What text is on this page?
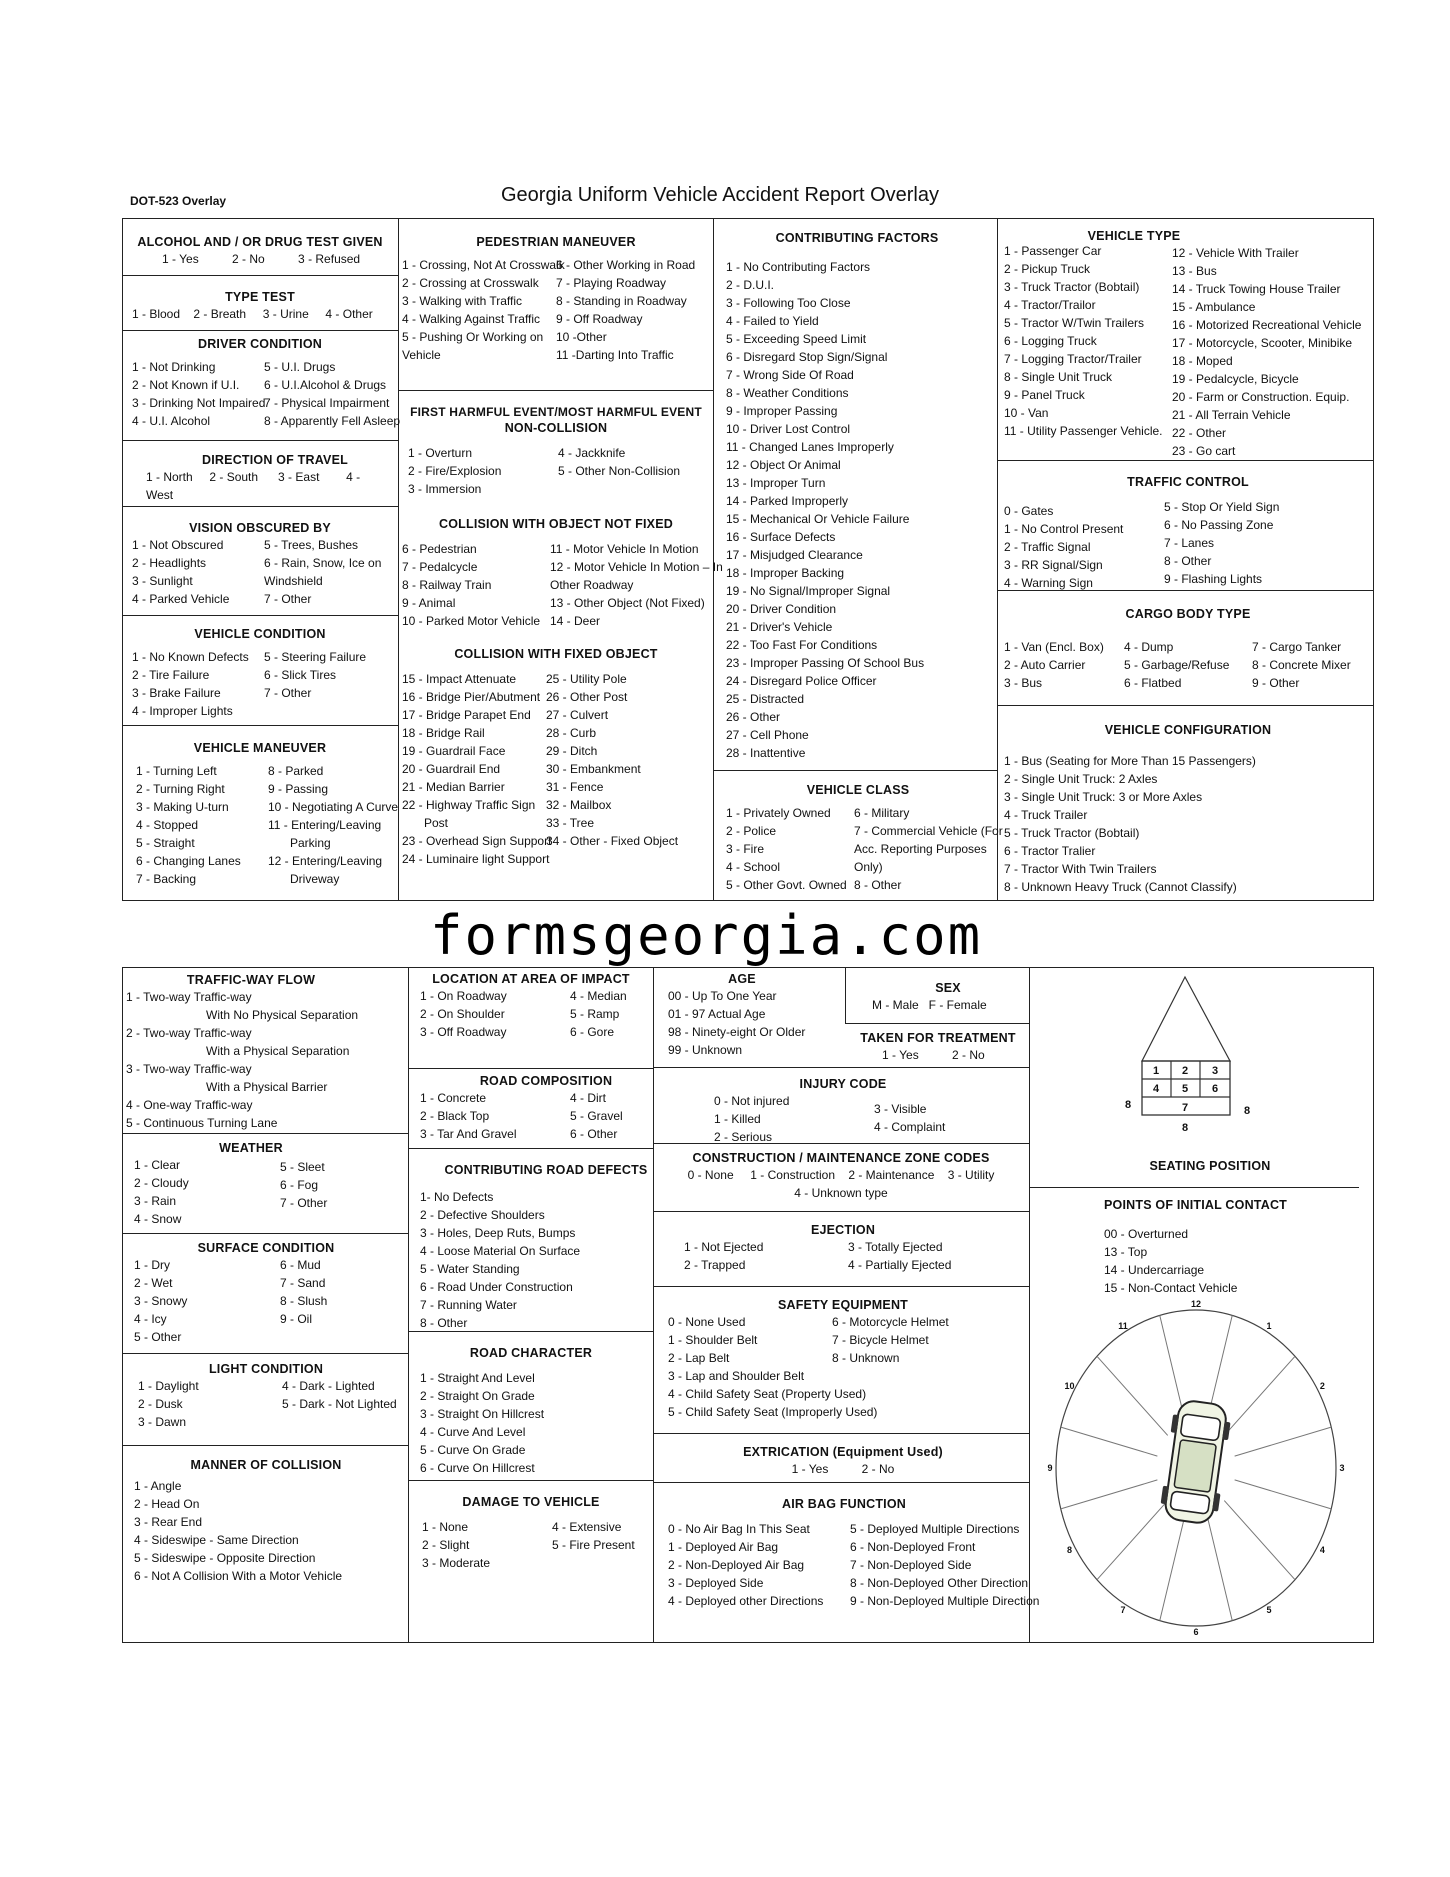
DOT-523 Overlay	Georgia Uniform Vehicle Accident Report Overlay
ALCOHOL AND / OR DRUG TEST GIVEN
1 - Yes          2 - No          3 - Refused
TYPE TEST
1 - Blood    2 - Breath     3 - Urine     4 - Other
DRIVER CONDITION
1 - Not Drinking
2 - Not Known if U.I.
3 - Drinking Not Impaired
4 - U.I. Alcohol
5 - U.I. Drugs
6 - U.I.Alcohol & Drugs
7 - Physical Impairment
8 - Apparently Fell Asleep
DIRECTION OF TRAVEL
1 - North     2 - South      3 - East        4 -
West
VISION OBSCURED BY
1 - Not Obscured
2 - Headlights
3 - Sunlight
4 - Parked Vehicle
5 - Trees, Bushes
6 - Rain, Snow, Ice on
Windshield
7 - Other
VEHICLE CONDITION
1 - No Known Defects
2 - Tire Failure
3 - Brake Failure
4 - Improper Lights
5 - Steering Failure
6 - Slick Tires
7 - Other
VEHICLE MANEUVER
1 - Turning Left
2 - Turning Right
3 - Making U-turn
4 - Stopped
5 - Straight
6 - Changing Lanes
7 - Backing
8 - Parked
9 - Passing
10 - Negotiating A Curve
11 - Entering/Leaving
Parking
12 - Entering/Leaving
Driveway
PEDESTRIAN MANEUVER
1 - Crossing, Not At Crosswalk
2 - Crossing at Crosswalk
3 - Walking with Traffic
4 - Walking Against Traffic
5 - Pushing Or Working on
Vehicle
6 - Other Working in Road
7 - Playing Roadway
8 - Standing in Roadway
9 - Off Roadway
10 -Other
11 -Darting Into Traffic
FIRST HARMFUL EVENT/MOST HARMFUL EVENT
NON-COLLISION
1 - Overturn
2 - Fire/Explosion
3 - Immersion
4 - Jackknife
5 - Other Non-Collision
COLLISION WITH OBJECT NOT FIXED
6 - Pedestrian
7 - Pedalcycle
8 - Railway Train
9 - Animal
10 - Parked Motor Vehicle
11 - Motor Vehicle In Motion
12 - Motor Vehicle In Motion – In
Other Roadway
13 - Other Object (Not Fixed)
14 - Deer
COLLISION WITH FIXED OBJECT
15 - Impact Attenuate
16 - Bridge Pier/Abutment
17 - Bridge Parapet End
18 - Bridge Rail
19 - Guardrail Face
20 - Guardrail End
21 - Median Barrier
22 - Highway Traffic Sign
Post
23 - Overhead Sign Support
24 - Luminaire light Support
25 - Utility Pole
26 - Other Post
27 - Culvert
28 - Curb
29 - Ditch
30 - Embankment
31 - Fence
32 - Mailbox
33 - Tree
34 - Other - Fixed Object
CONTRIBUTING FACTORS
1 - No Contributing Factors
2 - D.U.I.
3 - Following Too Close
4 - Failed to Yield
5 - Exceeding Speed Limit
6 - Disregard Stop Sign/Signal
7 - Wrong Side Of Road
8 - Weather Conditions
9 - Improper Passing
10 - Driver Lost Control
11 - Changed Lanes Improperly
12 - Object Or Animal
13 - Improper Turn
14 - Parked Improperly
15 - Mechanical Or Vehicle Failure
16 - Surface Defects
17 - Misjudged Clearance
18 - Improper Backing
19 - No Signal/Improper Signal
20 - Driver Condition
21 - Driver's Vehicle
22 - Too Fast For Conditions
23 - Improper Passing Of School Bus
24 - Disregard Police Officer
25 - Distracted
26 - Other
27 - Cell Phone
28 - Inattentive
VEHICLE CLASS
1 - Privately Owned
2 - Police
3 - Fire
4 - School
5 - Other Govt. Owned
6 - Military
7 - Commercial Vehicle (For
Acc. Reporting Purposes
Only)
8 - Other
VEHICLE TYPE
1 - Passenger Car
2 - Pickup Truck
3 - Truck Tractor (Bobtail)
4 - Tractor/Trailor
5 - Tractor W/Twin Trailers
6 - Logging Truck
7 - Logging Tractor/Trailer
8 - Single Unit Truck
9 - Panel Truck
10 - Van
11 - Utility Passenger Vehicle.
12 - Vehicle With Trailer
13 - Bus
14 - Truck Towing House Trailer
15 - Ambulance
16 - Motorized Recreational Vehicle
17 - Motorcycle, Scooter, Minibike
18 - Moped
19 - Pedalcycle, Bicycle
20 - Farm or Construction. Equip.
21 - All Terrain Vehicle
22 - Other
23 - Go cart
TRAFFIC CONTROL
0 - Gates
1 - No Control Present
2 - Traffic Signal
3 - RR Signal/Sign
4 - Warning Sign
5 - Stop Or Yield Sign
6 - No Passing Zone
7 - Lanes
8 - Other
9 - Flashing Lights
CARGO BODY TYPE
1 - Van (Encl. Box)
2 - Auto Carrier
3 - Bus
4 - Dump
5 - Garbage/Refuse
6 - Flatbed
7 - Cargo Tanker
8 - Concrete Mixer
9 - Other
VEHICLE CONFIGURATION
1 - Bus (Seating for More Than 15 Passengers)
2 - Single Unit Truck: 2 Axles
3 - Single Unit Truck: 3 or More Axles
4 - Truck Trailer
5 - Truck Tractor (Bobtail)
6 - Tractor Tralier
7 - Tractor With Twin Trailers
8 - Unknown Heavy Truck (Cannot Classify)
formsgeorgia.com
TRAFFIC-WAY FLOW
1 - Two-way Traffic-way
With No Physical Separation
2 - Two-way Traffic-way
With a Physical Separation
3 - Two-way Traffic-way
With a Physical Barrier
4 - One-way Traffic-way
5 - Continuous Turning Lane
WEATHER
1 - Clear
2 - Cloudy
3 - Rain
4 - Snow
5 - Sleet
6 - Fog
7 - Other
SURFACE CONDITION
1 - Dry
2 - Wet
3 - Snowy
4 - Icy
5 - Other
6 - Mud
7 - Sand
8 - Slush
9 - Oil
LIGHT CONDITION
1 - Daylight
2 - Dusk
3 - Dawn
4 - Dark - Lighted
5 - Dark - Not Lighted
MANNER OF COLLISION
1 - Angle
2 - Head On
3 - Rear End
4 - Sideswipe - Same Direction
5 - Sideswipe - Opposite Direction
6 - Not A Collision With a Motor Vehicle
LOCATION AT AREA OF IMPACT
1 - On Roadway
2 - On Shoulder
3 - Off Roadway
4 - Median
5 - Ramp
6 - Gore
ROAD COMPOSITION
1 - Concrete
2 - Black Top
3 - Tar And Gravel
4 - Dirt
5 - Gravel
6 - Other
CONTRIBUTING ROAD DEFECTS
1- No Defects
2 - Defective Shoulders
3 - Holes, Deep Ruts, Bumps
4 - Loose Material On Surface
5 - Water Standing
6 - Road Under Construction
7 - Running Water
8 - Other
ROAD CHARACTER
1 - Straight And Level
2 - Straight On Grade
3 - Straight On Hillcrest
4 - Curve And Level
5 - Curve On Grade
6 - Curve On Hillcrest
DAMAGE TO VEHICLE
1 - None
2 - Slight
3 - Moderate
4 - Extensive
5 - Fire Present
AGE
00 - Up To One Year
01 - 97 Actual Age
98 - Ninety-eight Or Older
99 - Unknown
SEX
M - Male   F - Female
TAKEN FOR TREATMENT
1 - Yes          2 - No
INJURY CODE
0 - Not injured
1 - Killed
2 - Serious
3 - Visible
4 - Complaint
CONSTRUCTION / MAINTENANCE ZONE CODES
0 - None     1 - Construction    2 - Maintenance    3 - Utility
4 - Unknown type
EJECTION
1 - Not Ejected
2 - Trapped
3 - Totally Ejected
4 - Partially Ejected
SAFETY EQUIPMENT
0 - None Used
1 - Shoulder Belt
2 - Lap Belt
6 - Motorcycle Helmet
7 - Bicycle Helmet
8 - Unknown
3 - Lap and Shoulder Belt
4 - Child Safety Seat (Property Used)
5 - Child Safety Seat (Improperly Used)
EXTRICATION (Equipment Used)
1 - Yes          2 - No
AIR BAG FUNCTION
0 - No Air Bag In This Seat
1 - Deployed Air Bag
2 - Non-Deployed Air Bag
3 - Deployed Side
4 - Deployed other Directions
5 - Deployed Multiple Directions
6 - Non-Deployed Front
7 - Non-Deployed Side
8 - Non-Deployed Other Direction
9 - Non-Deployed Multiple Direction
1 2 3
4 5 6
7
8	8
8
SEATING POSITION
POINTS OF INITIAL CONTACT
00 - Overturned
13 - Top
14 - Undercarriage
15 - Non-Contact Vehicle
12
1
2
3
4
5
6
7
8
9
10
11
